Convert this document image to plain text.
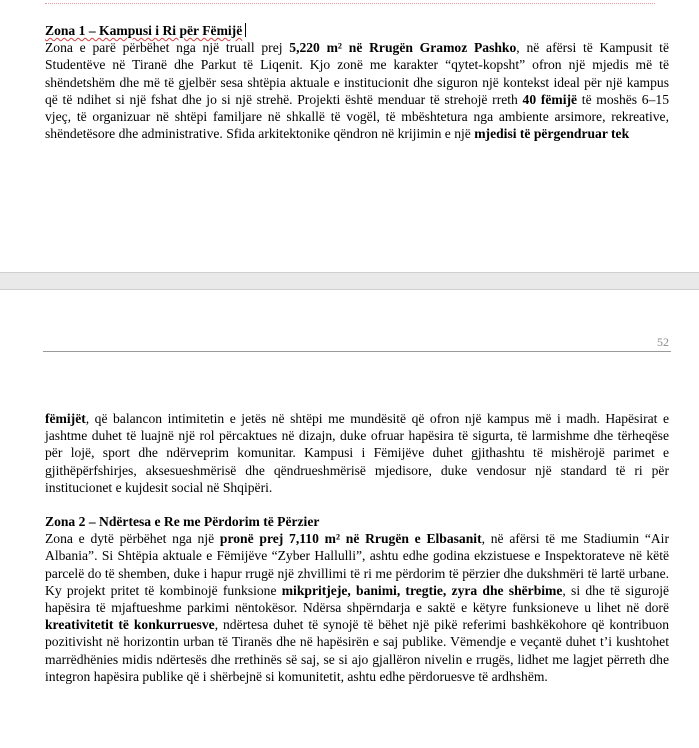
Zona 1 – Kampusi i Ri për Fëmijë

Zona e parë përbëhet nga një truall prej 5,220 m² në Rrugën Gramoz Pashko, në afërsi të Kampusit të Studentëve në Tiranë dhe Parkut të Liqenit. Kjo zonë me karakter “qytet-kopsht” ofron një mjedis më të shëndetshëm dhe më të gjelbër sesa shtëpia aktuale e institucionit dhe siguron një kontekst ideal për një kampus që të ndihet si një fshat dhe jo si një strehë. Projekti është menduar të strehojë rreth 40 fëmijë të moshës 6–15 vjeç, të organizuar në shtëpi familjare në shkallë të vogël, të mbështetura nga ambiente arsimore, rekreative, shëndetësore dhe administrative. Sfida arkitektonike qëndron në krijimin e një mjedisi të përgendruar tek

52

fëmijët, që balancon intimitetin e jetës në shtëpi me mundësitë që ofron një kampus më i madh. Hapësirat e jashtme duhet të luajnë një rol përcaktues në dizajn, duke ofruar hapësira të sigurta, të larmishme dhe tërheqëse për lojë, sport dhe ndërveprim komunitar. Kampusi i Fëmijëve duhet gjithashtu të mishërojë parimet e gjithëpërfshirjes, aksesueshmërisë dhe qëndrueshmërisë mjedisore, duke vendosur një standard të ri për institucionet e kujdesit social në Shqipëri.

Zona 2 – Ndërtesa e Re me Përdorim të Përzier

Zona e dytë përbëhet nga një pronë prej 7,110 m² në Rrugën e Elbasanit, në afërsi të me Stadiumin “Air Albania”. Si Shtëpia aktuale e Fëmijëve “Zyber Hallulli”, ashtu edhe godina ekzistuese e Inspektorateve në këtë parcelë do të shemben, duke i hapur rrugë një zhvillimi të ri me përdorim të përzier dhe dukshmëri të lartë urbane. Ky projekt pritet të kombinojë funksione mikpritjeje, banimi, tregtie, zyra dhe shërbime, si dhe të sigurojë hapësira të mjaftueshme parkimi nëntokësor. Ndërsa shpërndarja e saktë e këtyre funksioneve u lihet në dorë kreativitetit të konkurruesve, ndërtesa duhet të synojë të bëhet një pikë referimi bashkëkohore që kontribuon pozitivisht në horizontin urban të Tiranës dhe në hapësirën e saj publike. Vëmendje e veçantë duhet t’i kushtohet marrëdhënies midis ndërtesës dhe rrethinës së saj, se si ajo gjallëron nivelin e rrugës, lidhet me lagjet përreth dhe integron hapësira publike që i shërbejnë si komunitetit, ashtu edhe përdoruesve të ardhshëm.
